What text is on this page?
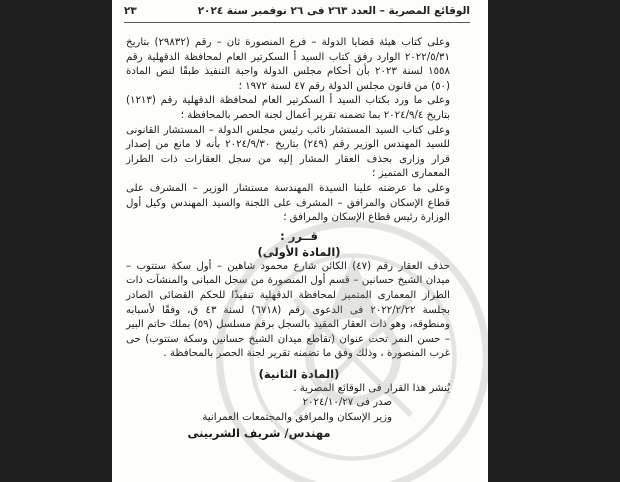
الوقائع المصرية – العدد ٢٦٣ فى ٢٦ نوفمبر سنة ٢٠٢٤
٢٣

وعلى كتاب هيئة قضايا الدولة – فرع المنصورة ثان – رقم (٢٩٨٣٢) بتاريخ ٢٠٢٢/٥/٣١ الوارد رفق كتاب السيد أ السكرتير العام لمحافظة الدقهلية رقم ١٥٥٨ لسنة ٢٠٢٣ بأن أحكام مجلس الدولة واجبة التنفيذ طبقًا لنص المادة (٥٠) من قانون مجلس الدولة رقم ٤٧ لسنة ١٩٧٢ ؛

وعلى ما ورد بكتاب السيد أ السكرتير العام لمحافظة الدقهلية رقم (١٢١٣) بتاريخ ٢٠٢٤/٩/٤ بما تضمنه تقرير أعمال لجنة الحصر بالمحافظة ؛

وعلى كتاب السيد المستشار نائب رئيس مجلس الدولة – المستشار القانونى للسيد المهندس الوزير رقم (٢٤٩) بتاريخ ٢٠٢٤/٩/٣٠ بأنه لا مانع من إصدار قرار وزارى بحذف العقار المشار إليه من سجل العقارات ذات الطراز المعمارى المتميز ؛

وعلى ما عرضته علينا السيدة المهندسة مستشار الوزير – المشرف على قطاع الإسكان والمرافق – المشرف على اللجنة والسيد المهندس وكيل أول الوزارة رئيس قطاع الإسكان والمرافق ؛

قــرر :

(المادة الأولى)

حذف العقار رقم (٤٧) الكائن شارع محمود شاهين – أول سكة ستتوب – ميدان الشيخ حسانين – قسم أول المنصورة من سجل المبانى والمنشآت ذات الطراز المعمارى المتميز لمحافظة الدقهلية تنفيذًا للحكم القضائى الصادر بجلسة ٢٠٢٢/٢/٢٢ فى الدعوى رقم (٦٧١٨) لسنة ٤٣ ق، وفقًا لأسبابه ومنطوقه، وهو ذات العقار المقيد بالسجل برقم مسلسل (٥٩) بملك حاتم البير – حسن النمر تحت عنوان (تقاطع ميدان الشيخ حسانين وسكة ستتوب) حى غرب المنصورة ، وذلك وفق ما تضمنه تقرير لجنة الحصر بالمحافظة .

(المادة الثانية)

يُنشر هذا القرار فى الوقائع المصرية .

صدر فى ٢٠٢٤/١٠/٢٧

وزير الإسكان والمرافق والمجتمعات العمرانية

مهندس/ شريف الشربينى
